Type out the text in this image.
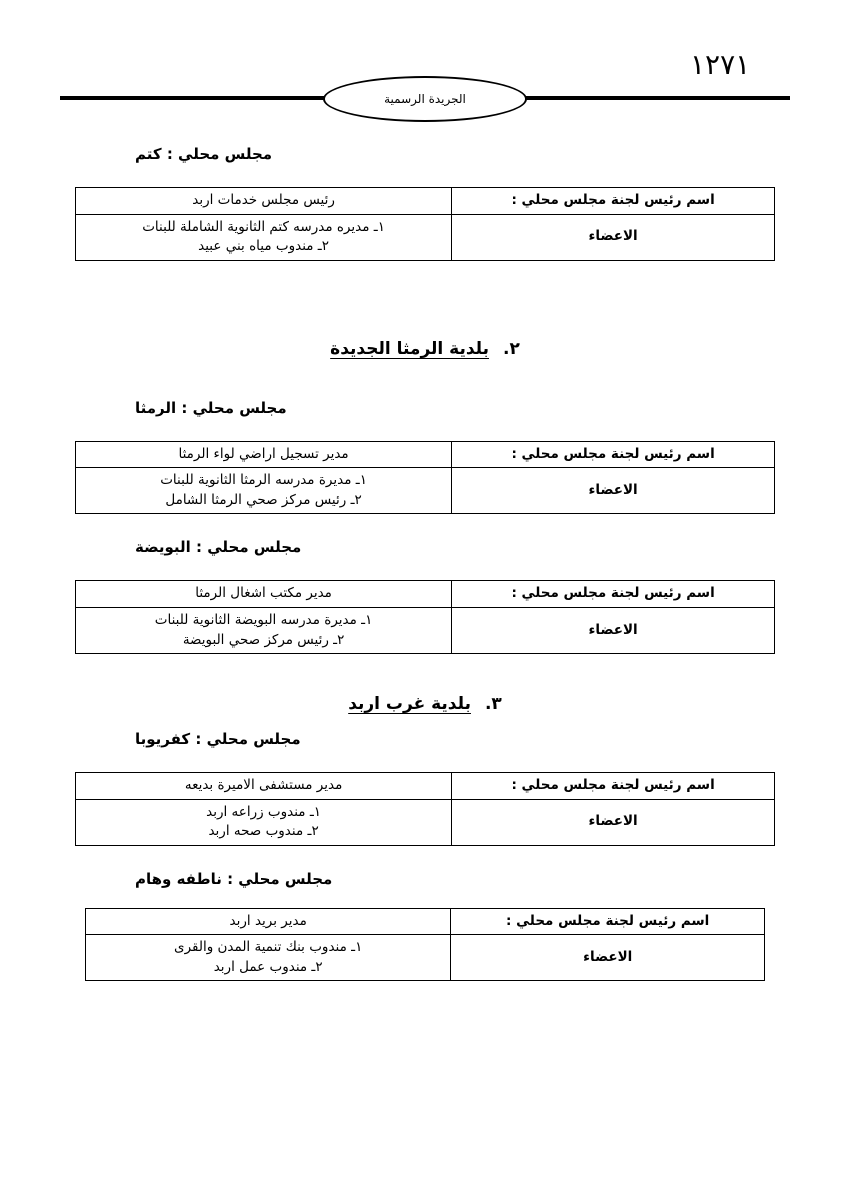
١٢٧١
الجريدة الرسمية
مجلس محلي : كتم
اسم رئيس لجنة مجلس محلي :	رئيس مجلس خدمات اربد
الاعضاء	١ـ مديره مدرسه كتم الثانوية الشاملة للبنات
٢ـ مندوب مياه بني عبيد
٢.بلدية الرمثا الجديدة
مجلس محلي : الرمثا
اسم رئيس لجنة مجلس محلي :	مدير تسجيل اراضي لواء الرمثا
الاعضاء	١ـ مديرة مدرسه الرمثا الثانوية للبنات
٢ـ رئيس مركز صحي الرمثا الشامل
مجلس محلي : البويضة
اسم رئيس لجنة مجلس محلي :	مدير مكتب اشغال الرمثا
الاعضاء	١ـ مديرة مدرسه البويضة الثانوية للبنات
٢ـ رئيس مركز صحي البويضة
٣.بلدية غرب اربد
مجلس محلي : كفريوبا
اسم رئيس لجنة مجلس محلي :	مدير مستشفى الاميرة بديعه
الاعضاء	١ـ مندوب زراعه اربد
٢ـ مندوب صحه اربد
مجلس محلي : ناطفه وهام
اسم رئيس لجنة مجلس محلي :	مدير بريد اربد
الاعضاء	١ـ مندوب بنك تنمية المدن والقرى
٢ـ مندوب عمل اربد
